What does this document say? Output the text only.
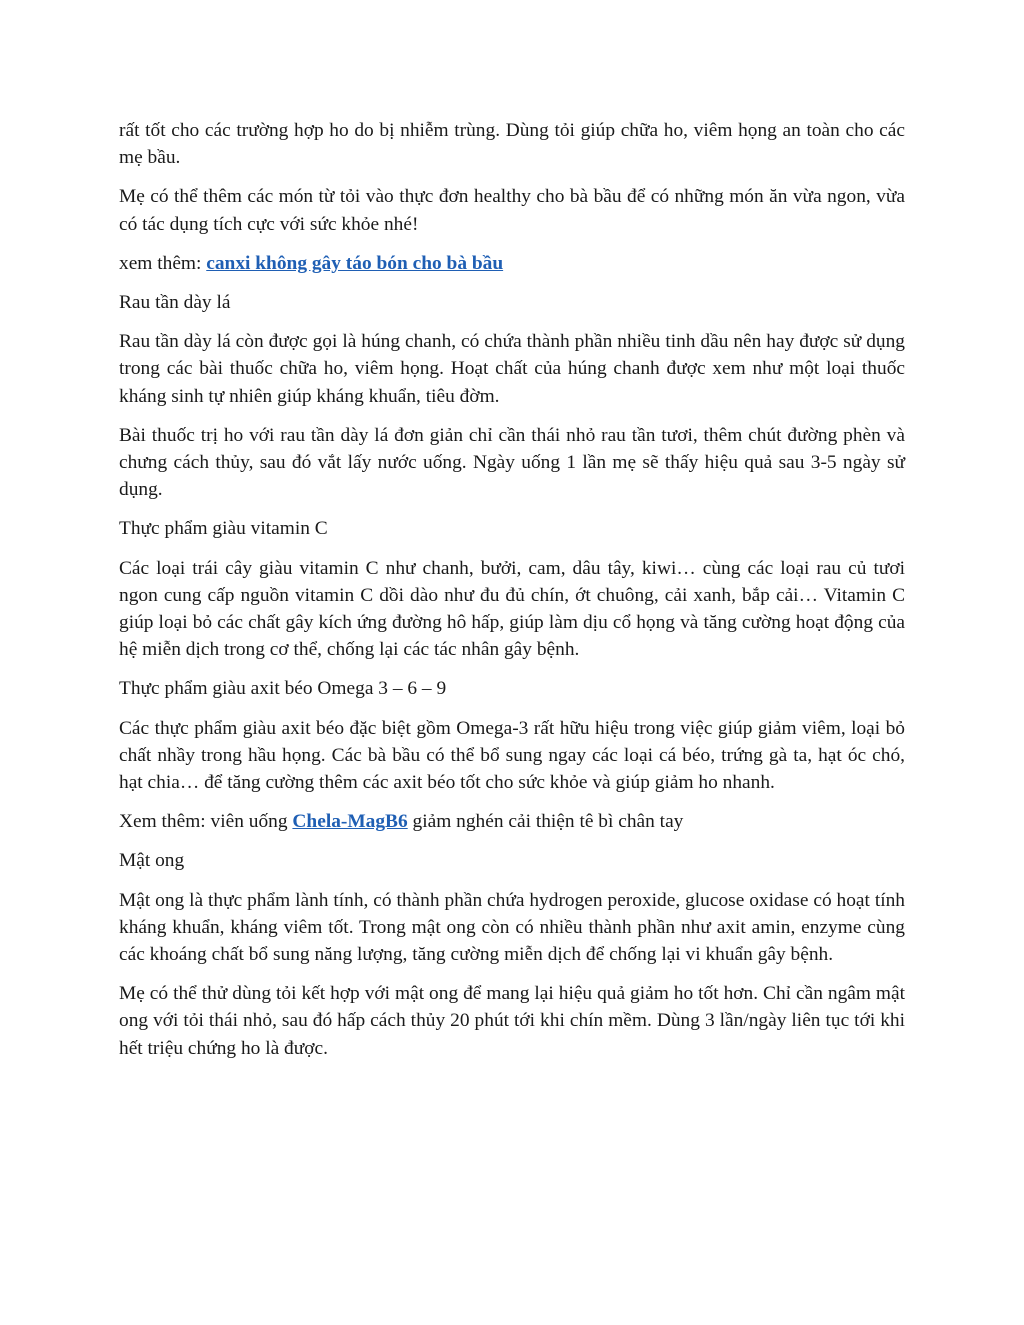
rất tốt cho các trường hợp ho do bị nhiễm trùng. Dùng tỏi giúp chữa ho, viêm họng an toàn cho các mẹ bầu.

Mẹ có thể thêm các món từ tỏi vào thực đơn healthy cho bà bầu để có những món ăn vừa ngon, vừa có tác dụng tích cực với sức khỏe nhé!

xem thêm: canxi không gây táo bón cho bà bầu

Rau tần dày lá

Rau tần dày lá còn được gọi là húng chanh, có chứa thành phần nhiều tinh dầu nên hay được sử dụng trong các bài thuốc chữa ho, viêm họng. Hoạt chất của húng chanh được xem như một loại thuốc kháng sinh tự nhiên giúp kháng khuẩn, tiêu đờm.

Bài thuốc trị ho với rau tần dày lá đơn giản chỉ cần thái nhỏ rau tần tươi, thêm chút đường phèn và chưng cách thủy, sau đó vắt lấy nước uống. Ngày uống 1 lần mẹ sẽ thấy hiệu quả sau 3-5 ngày sử dụng.

Thực phẩm giàu vitamin C

Các loại trái cây giàu vitamin C như chanh, bưởi, cam, dâu tây, kiwi… cùng các loại rau củ tươi ngon cung cấp nguồn vitamin C dồi dào như đu đủ chín, ớt chuông, cải xanh, bắp cải… Vitamin C giúp loại bỏ các chất gây kích ứng đường hô hấp, giúp làm dịu cổ họng và tăng cường hoạt động của hệ miễn dịch trong cơ thể, chống lại các tác nhân gây bệnh.

Thực phẩm giàu axit béo Omega 3 – 6 – 9

Các thực phẩm giàu axit béo đặc biệt gồm Omega-3 rất hữu hiệu trong việc giúp giảm viêm, loại bỏ chất nhầy trong hầu họng. Các bà bầu có thể bổ sung ngay các loại cá béo, trứng gà ta, hạt óc chó, hạt chia… để tăng cường thêm các axit béo tốt cho sức khỏe và giúp giảm ho nhanh.

Xem thêm: viên uống Chela-MagB6 giảm nghén cải thiện tê bì chân tay

Mật ong

Mật ong là thực phẩm lành tính, có thành phần chứa hydrogen peroxide, glucose oxidase có hoạt tính kháng khuẩn, kháng viêm tốt. Trong mật ong còn có nhiều thành phần như axit amin, enzyme cùng các khoáng chất bổ sung năng lượng, tăng cường miễn dịch để chống lại vi khuẩn gây bệnh.

Mẹ có thể thử dùng tỏi kết hợp với mật ong để mang lại hiệu quả giảm ho tốt hơn. Chỉ cần ngâm mật ong với tỏi thái nhỏ, sau đó hấp cách thủy 20 phút tới khi chín mềm. Dùng 3 lần/ngày liên tục tới khi hết triệu chứng ho là được.
